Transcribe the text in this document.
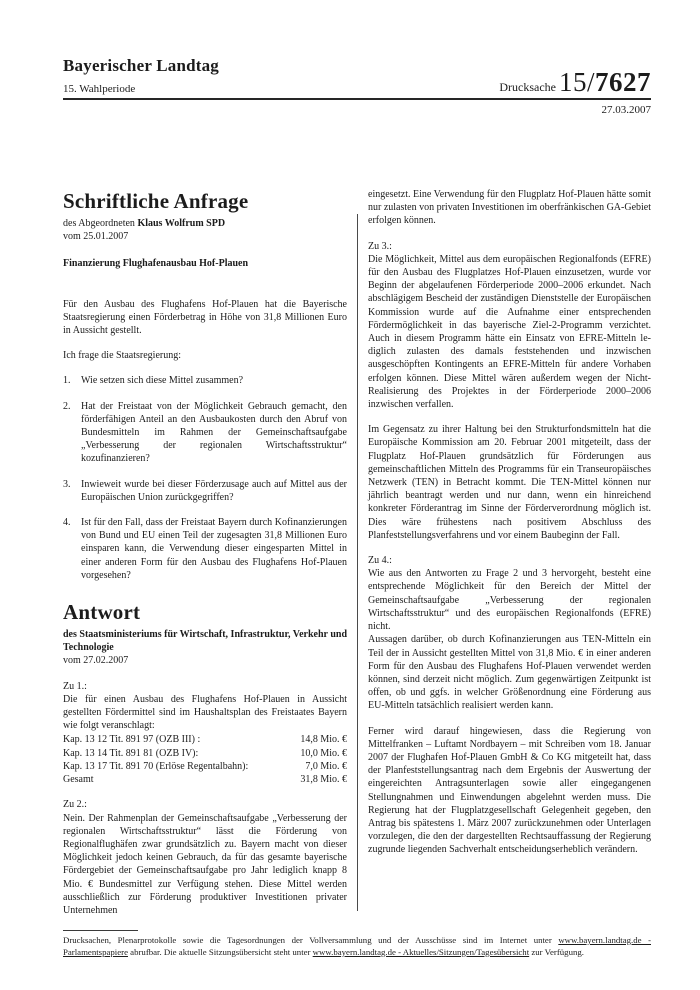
Bayerischer Landtag
15. Wahlperiode	Drucksache 15/7627
27.03.2007
Schriftliche Anfrage
des Abgeordneten Klaus Wolfrum SPD
vom 25.01.2007
Finanzierung Flughafenausbau Hof-Plauen

Für den Ausbau des Flughafens Hof-Plauen hat die Bayerische Staatsregierung einen Förderbetrag in Höhe von 31,8 Millionen Euro in Aussicht gestellt.

Ich frage die Staatsregierung:

1.	Wie setzen sich diese Mittel zusammen?
2.	Hat der Freistaat von der Möglichkeit Gebrauch gemacht, den förderfähigen Anteil an den Ausbaukosten durch den Abruf von Bundesmitteln im Rahmen der Gemeinschaftsaufgabe „Verbesserung der regionalen Wirtschaftsstruktur“ kozufinanzieren?
3.	Inwieweit wurde bei dieser Förderzusage auch auf Mittel aus der Europäischen Union zurückgegriffen?
4.	Ist für den Fall, dass der Freistaat Bayern durch Kofinanzierungen von Bund und EU einen Teil der zugesagten 31,8 Millionen Euro einsparen kann, die Verwendung dieser eingesparten Mittel in einer anderen Form für den Ausbau des Flughafens Hof-Plauen vorgesehen?
Antwort

des Staatsministeriums für Wirtschaft, Infrastruktur, Verkehr und Technologie

vom 27.02.2007
Zu 1.:

Die für einen Ausbau des Flughafens Hof-Plauen in Aussicht gestellten Fördermittel sind im Haushaltsplan des Freistaates Bayern wie folgt veranschlagt:

Kap. 13 12 Tit. 891 97 (OZB III) :	14,8 Mio. €
Kap. 13 14 Tit. 891 81 (OZB IV):	10,0 Mio. €
Kap. 13 17 Tit. 891 70 (Erlöse Regentalbahn):	7,0 Mio. €
Gesamt	31,8 Mio. €
Zu 2.:

Nein. Der Rahmenplan der Gemeinschaftsaufgabe „Verbesserung der regionalen Wirtschaftsstruktur“ lässt die Förderung von Regionalflughäfen zwar grundsätzlich zu. Bayern macht von dieser Möglichkeit jedoch keinen Gebrauch, da für das gesamte bayerische Fördergebiet der Gemeinschaftsaufgabe pro Jahr lediglich knapp 8 Mio. € Bundesmittel zur Verfügung stehen. Diese Mittel werden ausschließlich zur Förderung produktiver Investitionen privater Unternehmen

eingesetzt. Eine Verwendung für den Flugplatz Hof-Plauen hätte somit nur zulasten von privaten Investitionen im oberfränkischen GA-Gebiet erfolgen können.

Zu 3.:

Die Möglichkeit, Mittel aus dem europäischen Regionalfonds (EFRE) für den Ausbau des Flugplatzes Hof-Plauen einzusetzen, wurde vor Beginn der abgelaufenen Förderperiode 2000–2006 erkundet. Nach abschlägigem Bescheid der zuständigen Dienststelle der Europäischen Kommission wurde auf die Aufnahme einer entsprechenden Fördermöglichkeit in das bayerische Ziel-2-Programm verzichtet. Auch in diesem Programm hätte ein Einsatz von EFRE-Mitteln lediglich zulasten des damals feststehenden und inzwischen ausgeschöpften Kontingents an EFRE-Mitteln für andere Vorhaben erfolgen können. Diese Mittel wären außerdem wegen der Nicht-Realisierung des Projektes in der Förderperiode 2000–2006 inzwischen verfallen.

Im Gegensatz zu ihrer Haltung bei den Strukturfondsmitteln hat die Europäische Kommission am 20. Februar 2001 mitgeteilt, dass der Flugplatz Hof-Plauen grundsätzlich für Förderungen aus gemeinschaftlichen Mitteln des Programms für ein Transeuropäisches Netzwerk (TEN) in Betracht kommt. Die TEN-Mittel können nur jährlich beantragt werden und nur dann, wenn ein hinreichend konkreter Förderantrag im Sinne der Förderverordnung möglich ist. Dies wäre frühestens nach positivem Abschluss des Planfeststellungsverfahrens und vor einem Baubeginn der Fall.

Zu 4.:

Wie aus den Antworten zu Frage 2 und 3 hervorgeht, besteht eine entsprechende Möglichkeit für den Bereich der Mittel der Gemeinschaftsaufgabe „Verbesserung der regionalen Wirtschaftsstruktur“ und des europäischen Regionalfonds (EFRE) nicht.

Aussagen darüber, ob durch Kofinanzierungen aus TEN-Mitteln ein Teil der in Aussicht gestellten Mittel von 31,8 Mio. € in einer anderen Form für den Ausbau des Flughafens Hof-Plauen verwendet werden können, sind derzeit nicht möglich. Zum gegenwärtigen Zeitpunkt ist offen, ob und ggfs. in welcher Größenordnung eine Förderung aus EU-Mitteln tatsächlich realisiert werden kann.

Ferner wird darauf hingewiesen, dass die Regierung von Mittelfranken – Luftamt Nordbayern – mit Schreiben vom 18. Januar 2007 der Flughafen Hof-Plauen GmbH & Co KG mitgeteilt hat, dass der Planfeststellungsantrag nach dem Ergebnis der Auswertung der eingereichten Antragsunterlagen sowie aller eingegangenen Stellungnahmen und Einwendungen abgelehnt werden muss. Die Regierung hat der Flugplatzgesellschaft Gelegenheit gegeben, den Antrag bis spätestens 1. März 2007 zurückzunehmen oder Unterlagen vorzulegen, die den der dargestellten Rechtsauffassung der Regierung zugrunde liegenden Sachverhalt entscheidungserheblich verändern.

Drucksachen, Plenarprotokolle sowie die Tagesordnungen der Vollversammlung und der Ausschüsse sind im Internet unter www.bayern.landtag.de - Parlamentspapiere abrufbar. Die aktuelle Sitzungsübersicht steht unter www.bayern.landtag.de - Aktuelles/Sitzungen/Tagesübersicht zur Verfügung.
